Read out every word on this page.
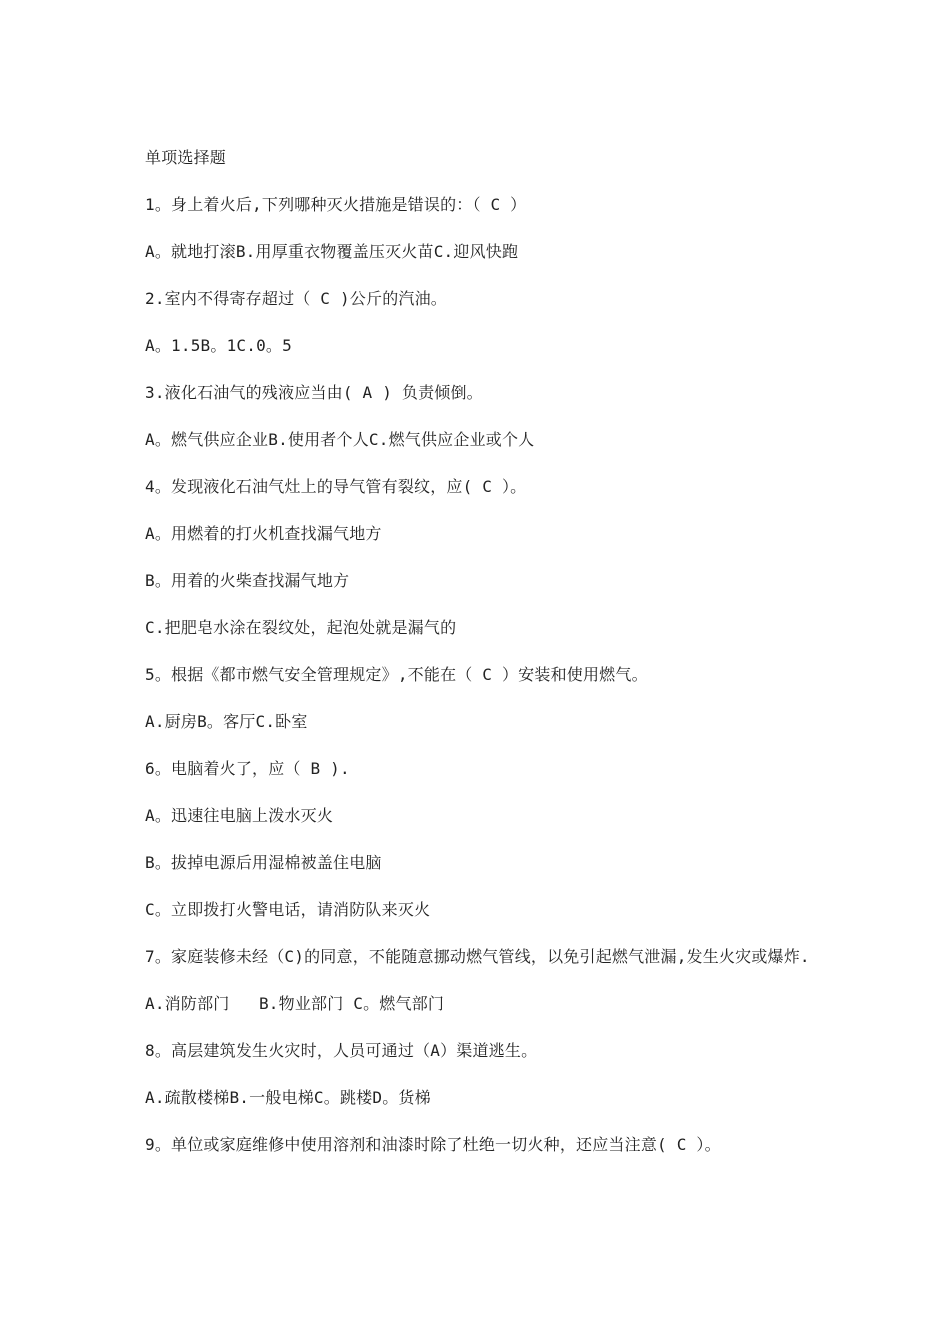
单项选择题
1。身上着火后,下列哪种灭火措施是错误的：（ C ）
A。就地打滚B.用厚重衣物覆盖压灭火苗C.迎风快跑
2.室内不得寄存超过（ C )公斤的汽油。
A。1.5B。1C.0。5
3.液化石油气的残液应当由( A ) 负责倾倒。
A。燃气供应企业B.使用者个人C.燃气供应企业或个人
4。发现液化石油气灶上的导气管有裂纹，应( C ）。
A。用燃着的打火机查找漏气地方
B。用着的火柴查找漏气地方
C.把肥皂水涂在裂纹处，起泡处就是漏气的
5。根据《都市燃气安全管理规定》,不能在（ C ）安装和使用燃气。
A.厨房B。客厅C.卧室
6。电脑着火了，应（ B ).
A。迅速往电脑上泼水灭火
B。拔掉电源后用湿棉被盖住电脑
C。立即拨打火警电话，请消防队来灭火
7。家庭装修未经（C)的同意，不能随意挪动燃气管线，以免引起燃气泄漏,发生火灾或爆炸.
A.消防部门   B.物业部门 C。燃气部门
8。高层建筑发生火灾时，人员可通过（A）渠道逃生。
A.疏散楼梯B.一般电梯C。跳楼D。货梯
9。单位或家庭维修中使用溶剂和油漆时除了杜绝一切火种，还应当注意( C ）。
